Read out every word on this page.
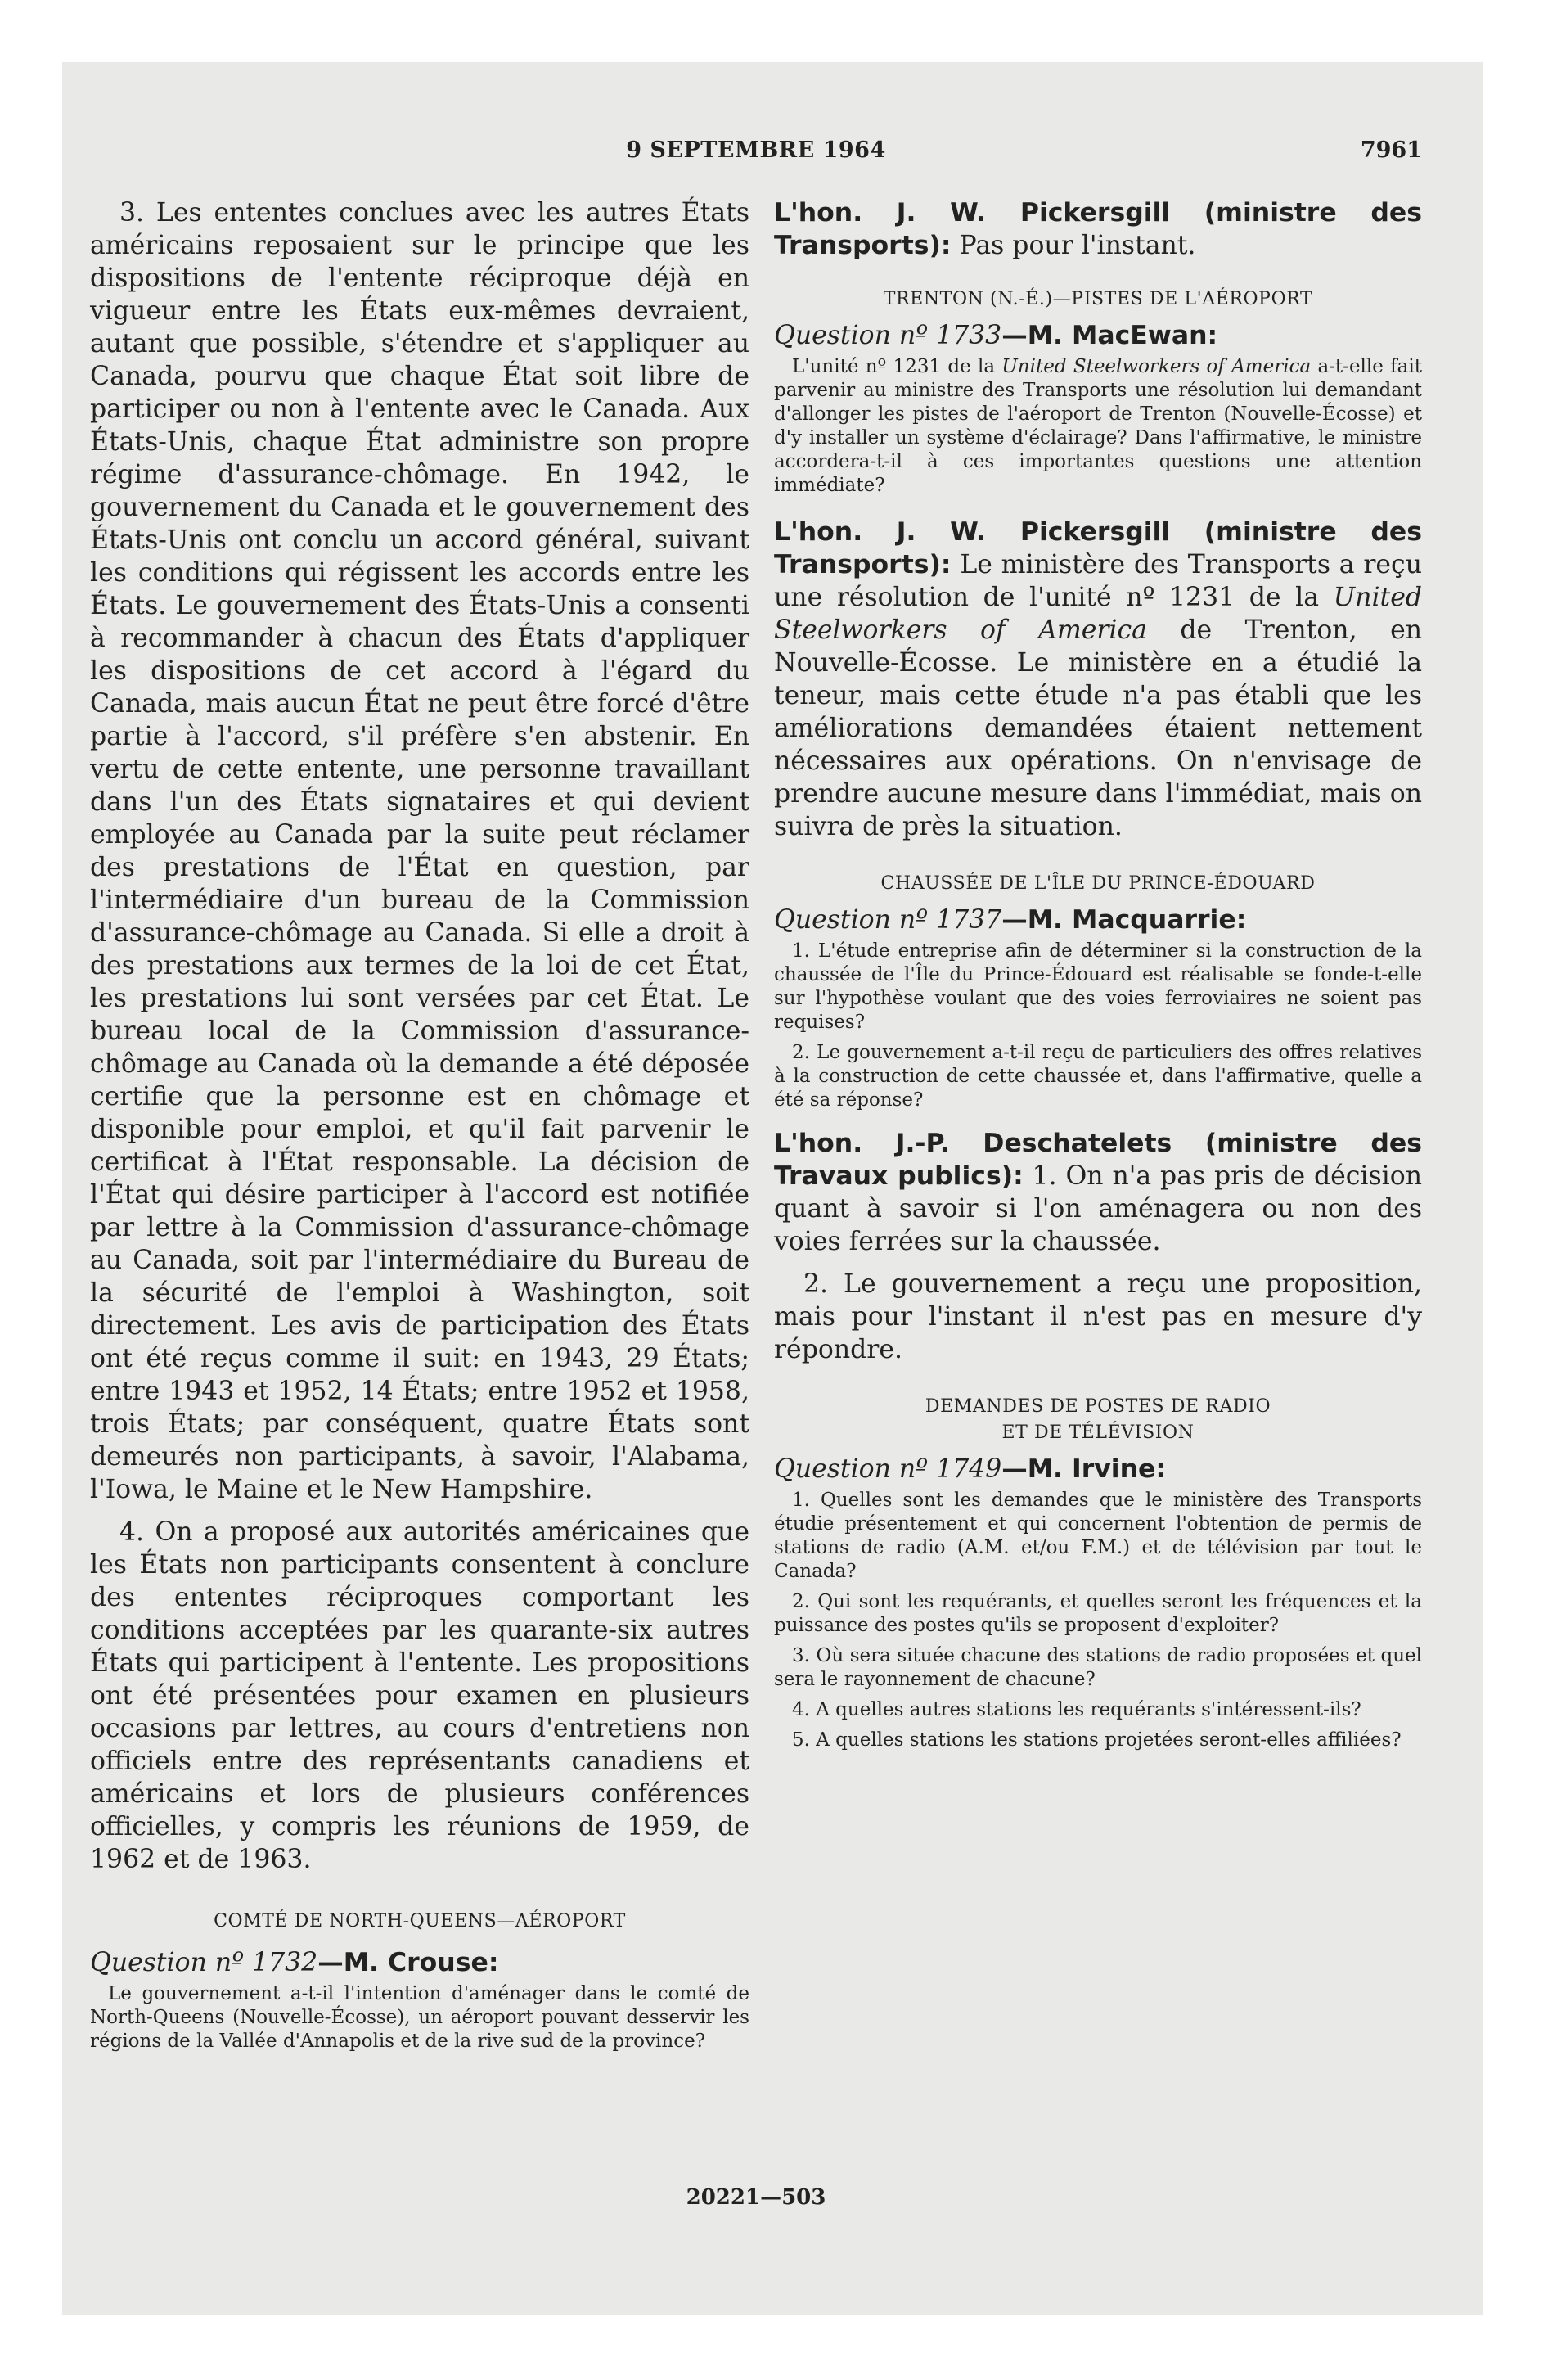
9 SEPTEMBRE 1964	7961

3. Les ententes conclues avec les autres États américains reposaient sur le principe que les dispositions de l'entente réciproque déjà en vigueur entre les États eux-mêmes devraient, autant que possible, s'étendre et s'appliquer au Canada, pourvu que chaque État soit libre de participer ou non à l'entente avec le Canada. Aux États-Unis, chaque État administre son propre régime d'assurance-chômage. En 1942, le gouvernement du Canada et le gouvernement des États-Unis ont conclu un accord général, suivant les conditions qui régissent les accords entre les États. Le gouvernement des États-Unis a consenti à recommander à chacun des États d'appliquer les dispositions de cet accord à l'égard du Canada, mais aucun État ne peut être forcé d'être partie à l'accord, s'il préfère s'en abstenir. En vertu de cette entente, une personne travaillant dans l'un des États signataires et qui devient employée au Canada par la suite peut réclamer des prestations de l'État en question, par l'intermédiaire d'un bureau de la Commission d'assurance-chômage au Canada. Si elle a droit à des prestations aux termes de la loi de cet État, les prestations lui sont versées par cet État. Le bureau local de la Commission d'assurance-chômage au Canada où la demande a été déposée certifie que la personne est en chômage et disponible pour emploi, et qu'il fait parvenir le certificat à l'État responsable. La décision de l'État qui désire participer à l'accord est notifiée par lettre à la Commission d'assurance-chômage au Canada, soit par l'intermédiaire du Bureau de la sécurité de l'emploi à Washington, soit directement. Les avis de participation des États ont été reçus comme il suit: en 1943, 29 États; entre 1943 et 1952, 14 États; entre 1952 et 1958, trois États; par conséquent, quatre États sont demeurés non participants, à savoir, l'Alabama, l'Iowa, le Maine et le New Hampshire.

4. On a proposé aux autorités américaines que les États non participants consentent à conclure des ententes réciproques comportant les conditions acceptées par les quarante-six autres États qui participent à l'entente. Les propositions ont été présentées pour examen en plusieurs occasions par lettres, au cours d'entretiens non officiels entre des représentants canadiens et américains et lors de plusieurs conférences officielles, y compris les réunions de 1959, de 1962 et de 1963.

COMTÉ DE NORTH-QUEENS—AÉROPORT

Question nº 1732—M. Crouse:

Le gouvernement a-t-il l'intention d'aménager dans le comté de North-Queens (Nouvelle-Écosse), un aéroport pouvant desservir les régions de la Vallée d'Annapolis et de la rive sud de la province?

L'hon. J. W. Pickersgill (ministre des Transports): Pas pour l'instant.

TRENTON (N.-É.)—PISTES DE L'AÉROPORT

Question nº 1733—M. MacEwan:

L'unité nº 1231 de la United Steelworkers of America a-t-elle fait parvenir au ministre des Transports une résolution lui demandant d'allonger les pistes de l'aéroport de Trenton (Nouvelle-Écosse) et d'y installer un système d'éclairage? Dans l'affirmative, le ministre accordera-t-il à ces importantes questions une attention immédiate?

L'hon. J. W. Pickersgill (ministre des Transports): Le ministère des Transports a reçu une résolution de l'unité nº 1231 de la United Steelworkers of America de Trenton, en Nouvelle-Écosse. Le ministère en a étudié la teneur, mais cette étude n'a pas établi que les améliorations demandées étaient nettement nécessaires aux opérations. On n'envisage de prendre aucune mesure dans l'immédiat, mais on suivra de près la situation.

CHAUSSÉE DE L'ÎLE DU PRINCE-ÉDOUARD

Question nº 1737—M. Macquarrie:

1. L'étude entreprise afin de déterminer si la construction de la chaussée de l'Île du Prince-Édouard est réalisable se fonde-t-elle sur l'hypothèse voulant que des voies ferroviaires ne soient pas requises?

2. Le gouvernement a-t-il reçu de particuliers des offres relatives à la construction de cette chaussée et, dans l'affirmative, quelle a été sa réponse?

L'hon. J.-P. Deschatelets (ministre des Travaux publics): 1. On n'a pas pris de décision quant à savoir si l'on aménagera ou non des voies ferrées sur la chaussée.

2. Le gouvernement a reçu une proposition, mais pour l'instant il n'est pas en mesure d'y répondre.

DEMANDES DE POSTES DE RADIO
ET DE TÉLÉVISION

Question nº 1749—M. Irvine:

1. Quelles sont les demandes que le ministère des Transports étudie présentement et qui concernent l'obtention de permis de stations de radio (A.M. et/ou F.M.) et de télévision par tout le Canada?

2. Qui sont les requérants, et quelles seront les fréquences et la puissance des postes qu'ils se proposent d'exploiter?

3. Où sera située chacune des stations de radio proposées et quel sera le rayonnement de chacune?

4. A quelles autres stations les requérants s'intéressent-ils?

5. A quelles stations les stations projetées seront-elles affiliées?

20221—503
